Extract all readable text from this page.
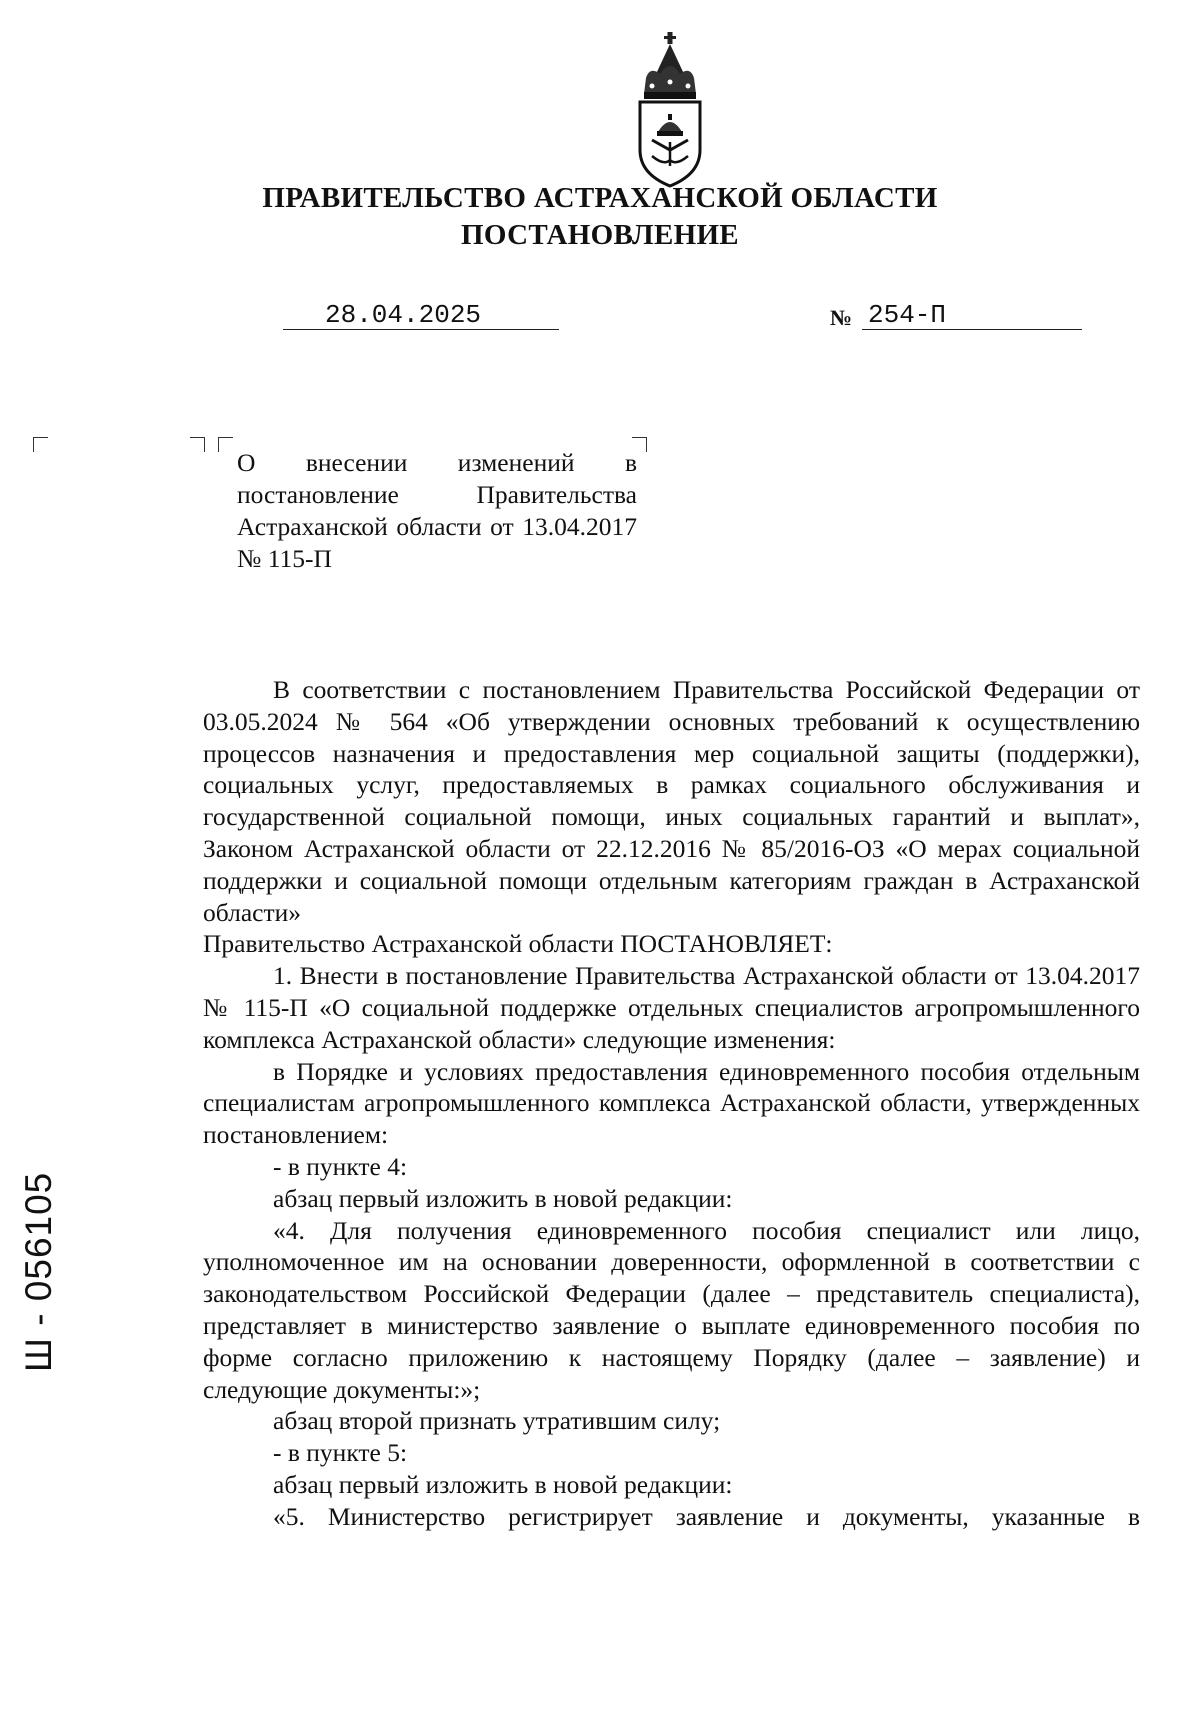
ПРАВИТЕЛЬСТВО АСТРАХАНСКОЙ ОБЛАСТИ
ПОСТАНОВЛЕНИЕ
28.04.2025	№ 254-П
О внесении изменений в постановление Правительства Астраханской области от 13.04.2017 № 115-П

В соответствии с постановлением Правительства Российской Федерации от 03.05.2024 № 564 «Об утверждении основных требований к осуществлению процессов назначения и предоставления мер социальной защиты (поддержки), социальных услуг, предоставляемых в рамках социального обслуживания и государственной социальной помощи, иных социальных гарантий и выплат», Законом Астраханской области от 22.12.2016 № 85/2016-ОЗ «О мерах социальной поддержки и социальной помощи отдельным категориям граждан в Астраханской области»

Правительство Астраханской области ПОСТАНОВЛЯЕТ:

1. Внести в постановление Правительства Астраханской области от 13.04.2017 № 115-П «О социальной поддержке отдельных специалистов агропромышленного комплекса Астраханской области» следующие изменения:

в Порядке и условиях предоставления единовременного пособия отдельным специалистам агропромышленного комплекса Астраханской области, утвержденных постановлением:

- в пункте 4:

абзац первый изложить в новой редакции:

«4. Для получения единовременного пособия специалист или лицо, уполномоченное им на основании доверенности, оформленной в соответствии с законодательством Российской Федерации (далее – представитель специалиста), представляет в министерство заявление о выплате единовременного пособия по форме согласно приложению к настоящему Порядку (далее – заявление) и следующие документы:»;

абзац второй признать утратившим силу;

- в пункте 5:

абзац первый изложить в новой редакции:

«5. Министерство регистрирует заявление и документы, указанные в

Ш - 056105
